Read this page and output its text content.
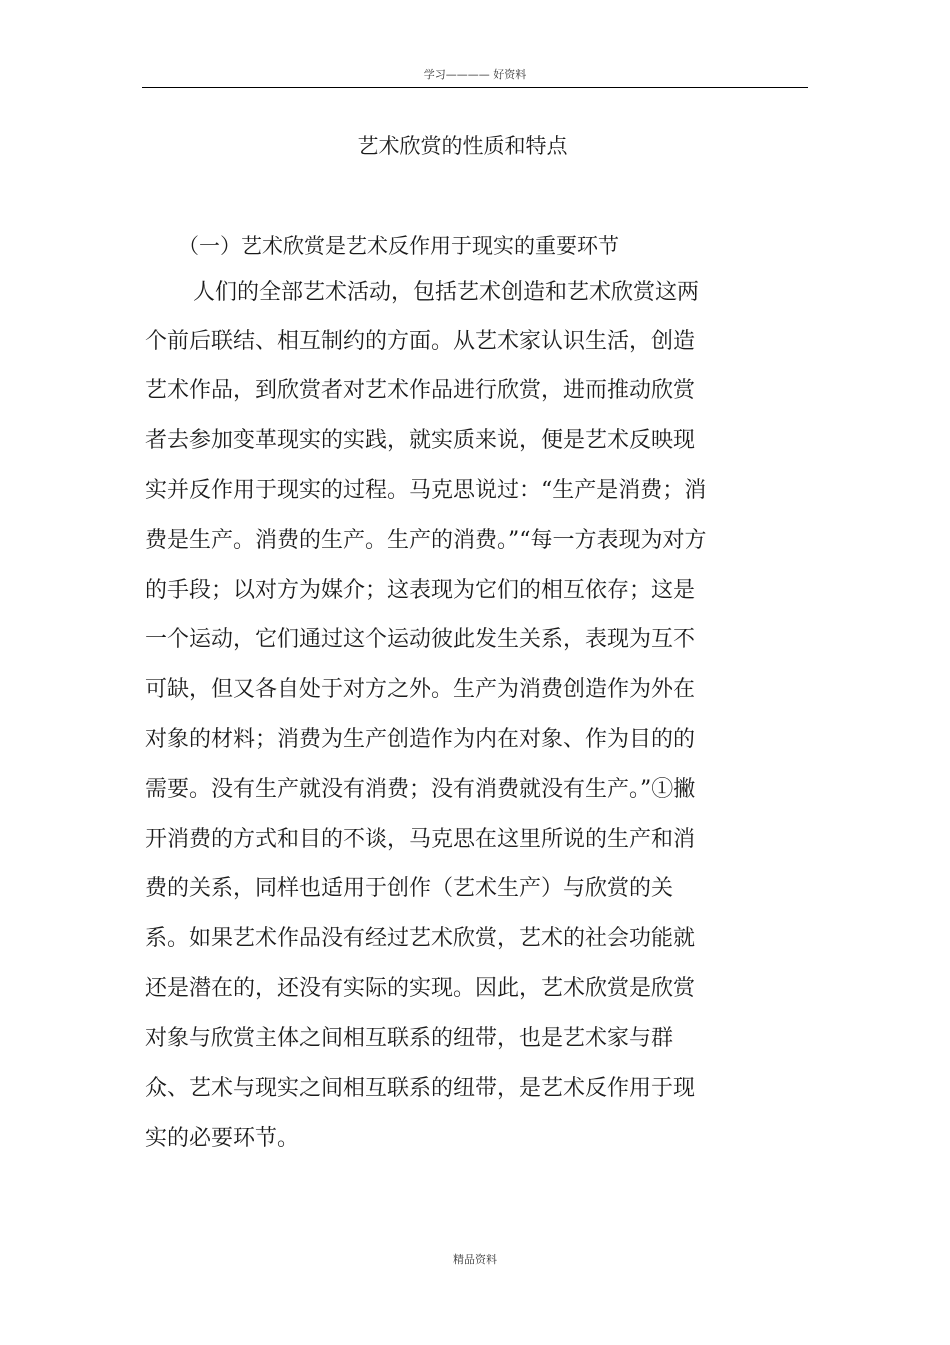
学习———— 好资料
艺术欣赏的性质和特点
（一）艺术欣赏是艺术反作用于现实的重要环节
人们的全部艺术活动，包括艺术创造和艺术欣赏这两
个前后联结、相互制约的方面。从艺术家认识生活，创造
艺术作品，到欣赏者对艺术作品进行欣赏，进而推动欣赏
者去参加变革现实的实践，就实质来说，便是艺术反映现
实并反作用于现实的过程。马克思说过：“生产是消费；消
费是生产。消费的生产。生产的消费。”“每一方表现为对方
的手段；以对方为媒介；这表现为它们的相互依存；这是
一个运动，它们通过这个运动彼此发生关系，表现为互不
可缺，但又各自处于对方之外。生产为消费创造作为外在
对象的材料；消费为生产创造作为内在对象、作为目的的
需要。没有生产就没有消费；没有消费就没有生产。”①撇
开消费的方式和目的不谈，马克思在这里所说的生产和消
费的关系，同样也适用于创作（艺术生产）与欣赏的关
系。如果艺术作品没有经过艺术欣赏，艺术的社会功能就
还是潜在的，还没有实际的实现。因此，艺术欣赏是欣赏
对象与欣赏主体之间相互联系的纽带，也是艺术家与群
众、艺术与现实之间相互联系的纽带，是艺术反作用于现
实的必要环节。
精品资料
